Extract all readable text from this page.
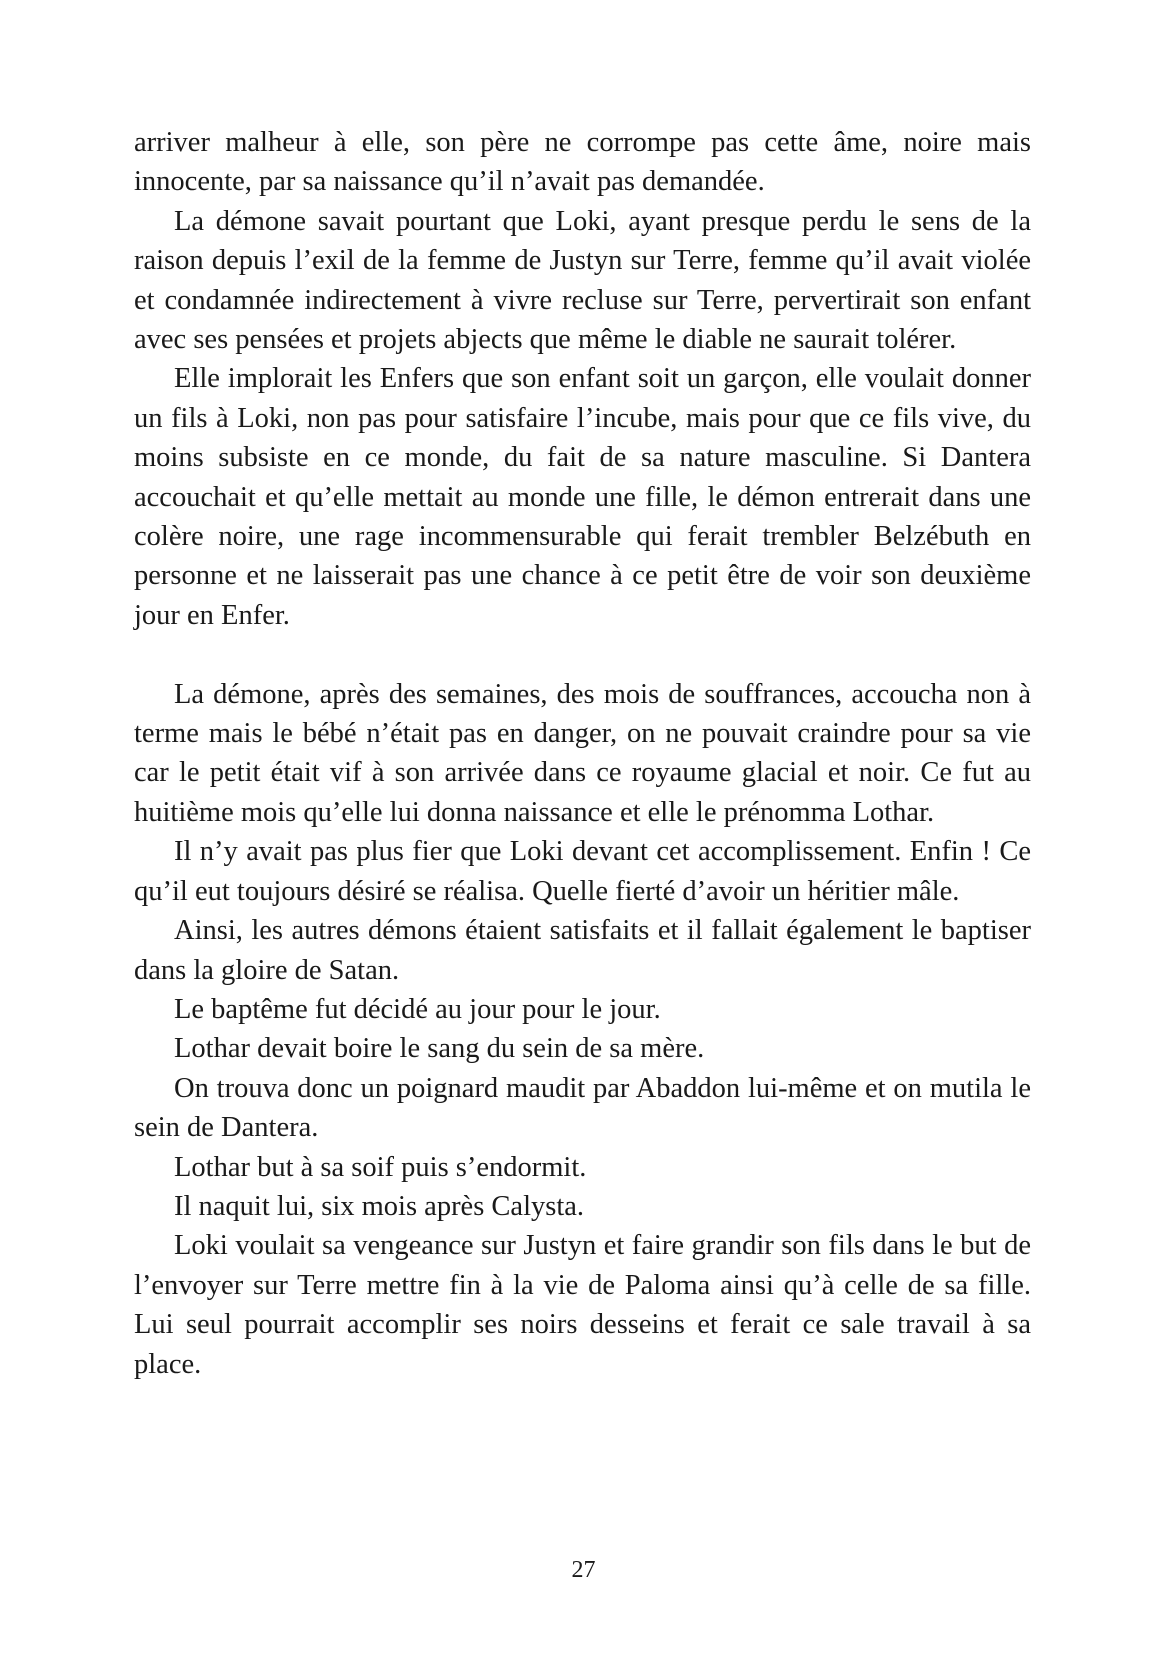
arriver malheur à elle, son père ne corrompe pas cette âme, noire mais innocente, par sa naissance qu’il n’avait pas demandée.

La démone savait pourtant que Loki, ayant presque perdu le sens de la raison depuis l’exil de la femme de Justyn sur Terre, femme qu’il avait violée et condamnée indirectement à vivre recluse sur Terre, pervertirait son enfant avec ses pensées et projets abjects que même le diable ne saurait tolérer.

Elle implorait les Enfers que son enfant soit un garçon, elle voulait donner un fils à Loki, non pas pour satisfaire l’incube, mais pour que ce fils vive, du moins subsiste en ce monde, du fait de sa nature masculine. Si Dantera accouchait et qu’elle mettait au monde une fille, le démon entrerait dans une colère noire, une rage incommensurable qui ferait trembler Belzébuth en personne et ne laisserait pas une chance à ce petit être de voir son deuxième jour en Enfer.

La démone, après des semaines, des mois de souffrances, accoucha non à terme mais le bébé n’était pas en danger, on ne pouvait craindre pour sa vie car le petit était vif à son arrivée dans ce royaume glacial et noir. Ce fut au huitième mois qu’elle lui donna naissance et elle le prénomma Lothar.

Il n’y avait pas plus fier que Loki devant cet accomplissement. Enfin ! Ce qu’il eut toujours désiré se réalisa. Quelle fierté d’avoir un héritier mâle.

Ainsi, les autres démons étaient satisfaits et il fallait également le baptiser dans la gloire de Satan.

Le baptême fut décidé au jour pour le jour.

Lothar devait boire le sang du sein de sa mère.

On trouva donc un poignard maudit par Abaddon lui-même et on mutila le sein de Dantera.

Lothar but à sa soif puis s’endormit.

Il naquit lui, six mois après Calysta.

Loki voulait sa vengeance sur Justyn et faire grandir son fils dans le but de l’envoyer sur Terre mettre fin à la vie de Paloma ainsi qu’à celle de sa fille. Lui seul pourrait accomplir ses noirs desseins et ferait ce sale travail à sa place.

27
